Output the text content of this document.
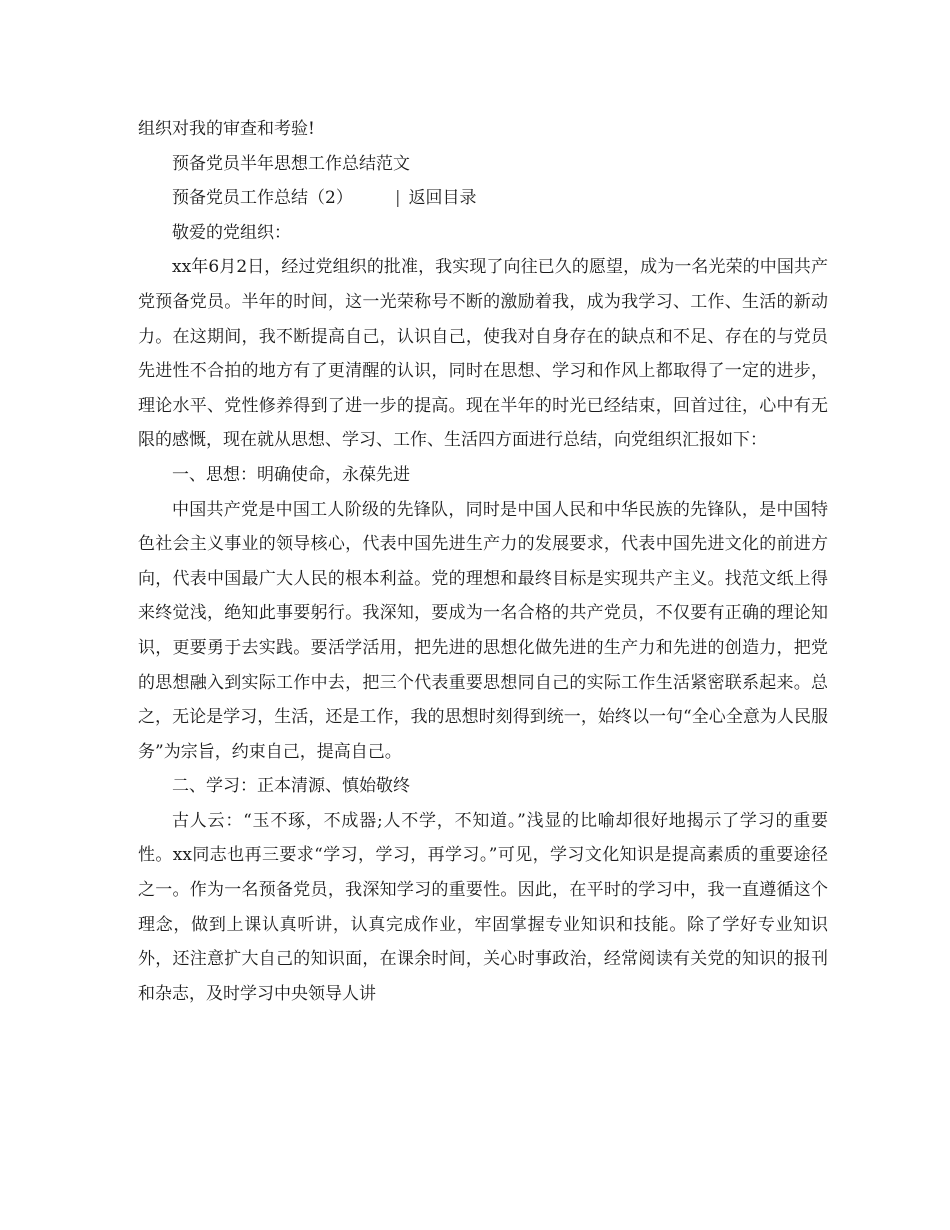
组织对我的审查和考验!

预备党员半年思想工作总结范文

预备党员工作总结（2） | 返回目录

敬爱的党组织：

xx年6月2日，经过党组织的批准，我实现了向往已久的愿望，成为一名光荣的中国共产党预备党员。半年的时间，这一光荣称号不断的激励着我，成为我学习、工作、生活的新动力。在这期间，我不断提高自己，认识自己，使我对自身存在的缺点和不足、存在的与党员先进性不合拍的地方有了更清醒的认识，同时在思想、学习和作风上都取得了一定的进步，理论水平、党性修养得到了进一步的提高。现在半年的时光已经结束，回首过往，心中有无限的感慨，现在就从思想、学习、工作、生活四方面进行总结，向党组织汇报如下：

一、思想：明确使命，永葆先进

中国共产党是中国工人阶级的先锋队，同时是中国人民和中华民族的先锋队，是中国特色社会主义事业的领导核心，代表中国先进生产力的发展要求，代表中国先进文化的前进方向，代表中国最广大人民的根本利益。党的理想和最终目标是实现共产主义。找范文纸上得来终觉浅，绝知此事要躬行。我深知，要成为一名合格的共产党员，不仅要有正确的理论知识，更要勇于去实践。要活学活用，把先进的思想化做先进的生产力和先进的创造力，把党的思想融入到实际工作中去，把三个代表重要思想同自己的实际工作生活紧密联系起来。总之，无论是学习，生活，还是工作，我的思想时刻得到统一，始终以一句“全心全意为人民服务”为宗旨，约束自己，提高自己。

二、学习：正本清源、慎始敬终

古人云：“玉不琢，不成器;人不学，不知道。”浅显的比喻却很好地揭示了学习的重要性。xx同志也再三要求“学习，学习，再学习。”可见，学习文化知识是提高素质的重要途径之一。作为一名预备党员，我深知学习的重要性。因此，在平时的学习中，我一直遵循这个理念，做到上课认真听讲，认真完成作业，牢固掌握专业知识和技能。除了学好专业知识外，还注意扩大自己的知识面，在课余时间，关心时事政治，经常阅读有关党的知识的报刊和杂志，及时学习中央领导人讲
